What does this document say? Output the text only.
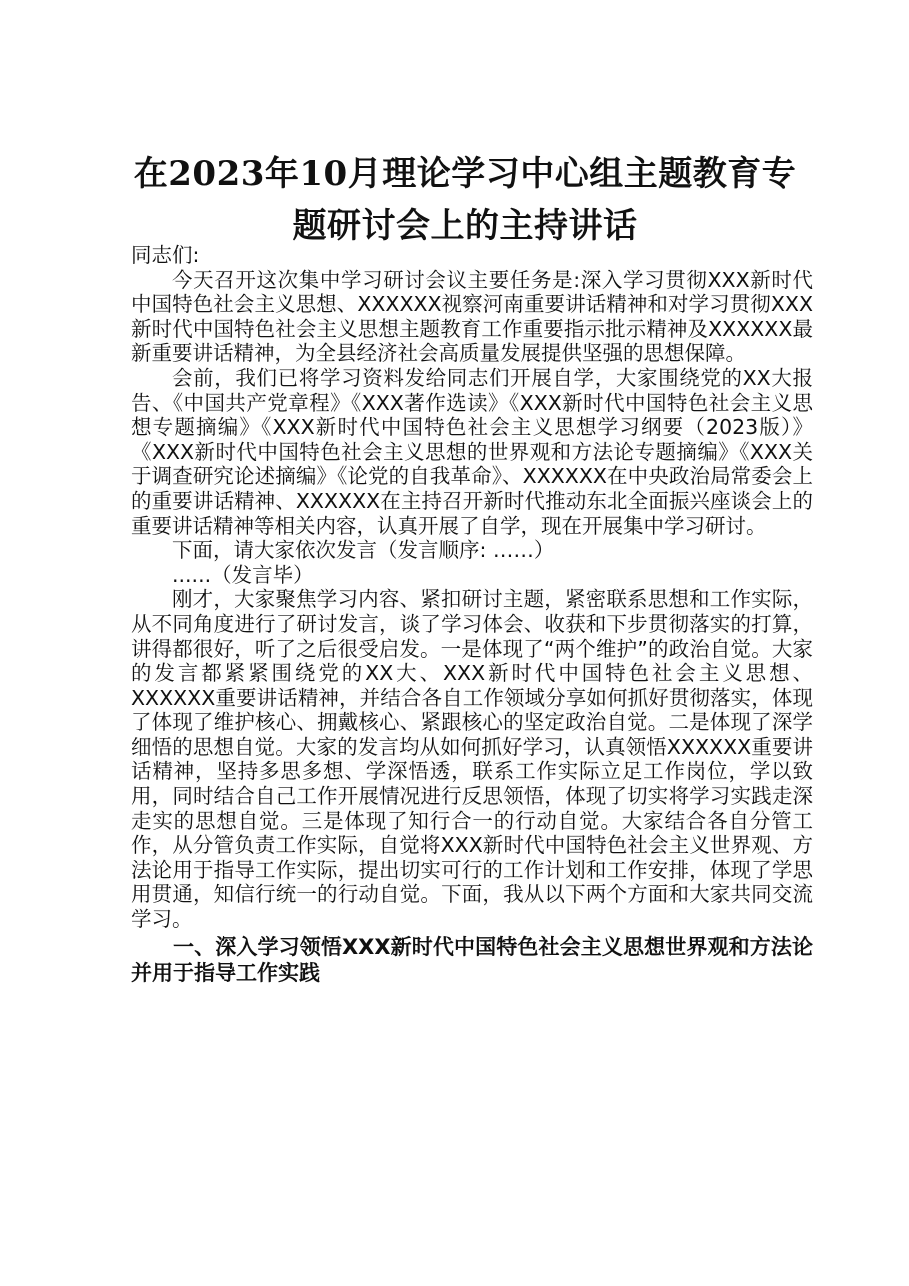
在2023年10月理论学习中心组主题教育专题研讨会上的主持讲话

同志们:

今天召开这次集中学习研讨会议主要任务是:深入学习贯彻XXX新时代中国特色社会主义思想、XXXXXX视察河南重要讲话精神和对学习贯彻XXX新时代中国特色社会主义思想主题教育工作重要指示批示精神及XXXXXX最新重要讲话精神，为全县经济社会高质量发展提供坚强的思想保障。

会前，我们已将学习资料发给同志们开展自学，大家围绕党的XX大报告、《中国共产党章程》《XXX著作选读》《XXX新时代中国特色社会主义思想专题摘编》《XXX新时代中国特色社会主义思想学习纲要（2023版）》《XXX新时代中国特色社会主义思想的世界观和方法论专题摘编》《XXX关于调查研究论述摘编》《论党的自我革命》、XXXXXX在中央政治局常委会上的重要讲话精神、XXXXXX在主持召开新时代推动东北全面振兴座谈会上的重要讲话精神等相关内容，认真开展了自学，现在开展集中学习研讨。

下面，请大家依次发言（发言顺序: ……）

......（发言毕）

刚才，大家聚焦学习内容、紧扣研讨主题，紧密联系思想和工作实际，从不同角度进行了研讨发言，谈了学习体会、收获和下步贯彻落实的打算，讲得都很好，听了之后很受启发。一是体现了“两个维护”的政治自觉。大家的发言都紧紧围绕党的XX大、XXX新时代中国特色社会主义思想、XXXXXX重要讲话精神，并结合各自工作领域分享如何抓好贯彻落实，体现了体现了维护核心、拥戴核心、紧跟核心的坚定政治自觉。二是体现了深学细悟的思想自觉。大家的发言均从如何抓好学习，认真领悟XXXXXX重要讲话精神，坚持多思多想、学深悟透，联系工作实际立足工作岗位，学以致用，同时结合自己工作开展情况进行反思领悟，体现了切实将学习实践走深走实的思想自觉。三是体现了知行合一的行动自觉。大家结合各自分管工作，从分管负责工作实际，自觉将XXX新时代中国特色社会主义世界观、方法论用于指导工作实际，提出切实可行的工作计划和工作安排，体现了学思用贯通，知信行统一的行动自觉。下面，我从以下两个方面和大家共同交流学习。

一、深入学习领悟XXX新时代中国特色社会主义思想世界观和方法论并用于指导工作实践
